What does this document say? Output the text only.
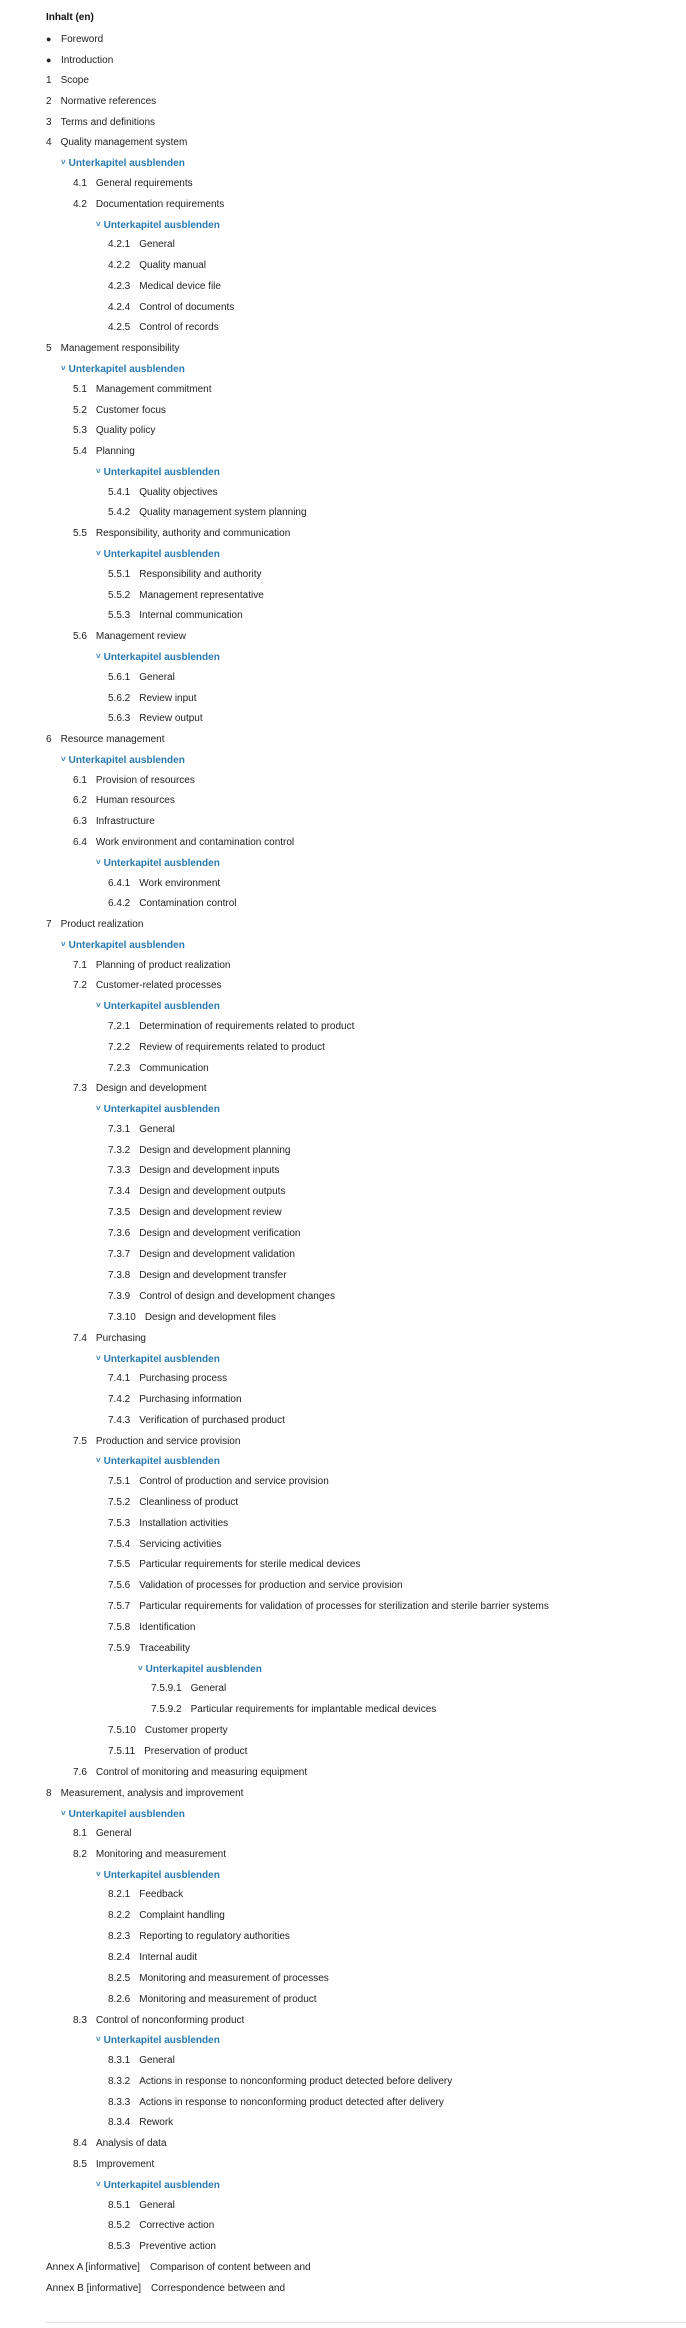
Inhalt (en)
● Foreword
● Introduction
1 Scope
2 Normative references
3 Terms and definitions
4 Quality management system
˅ Unterkapitel ausblenden
4.1 General requirements
4.2 Documentation requirements
˅ Unterkapitel ausblenden
4.2.1 General
4.2.2 Quality manual
4.2.3 Medical device file
4.2.4 Control of documents
4.2.5 Control of records
5 Management responsibility
˅ Unterkapitel ausblenden
5.1 Management commitment
5.2 Customer focus
5.3 Quality policy
5.4 Planning
˅ Unterkapitel ausblenden
5.4.1 Quality objectives
5.4.2 Quality management system planning
5.5 Responsibility, authority and communication
˅ Unterkapitel ausblenden
5.5.1 Responsibility and authority
5.5.2 Management representative
5.5.3 Internal communication
5.6 Management review
˅ Unterkapitel ausblenden
5.6.1 General
5.6.2 Review input
5.6.3 Review output
6 Resource management
˅ Unterkapitel ausblenden
6.1 Provision of resources
6.2 Human resources
6.3 Infrastructure
6.4 Work environment and contamination control
˅ Unterkapitel ausblenden
6.4.1 Work environment
6.4.2 Contamination control
7 Product realization
˅ Unterkapitel ausblenden
7.1 Planning of product realization
7.2 Customer-related processes
˅ Unterkapitel ausblenden
7.2.1 Determination of requirements related to product
7.2.2 Review of requirements related to product
7.2.3 Communication
7.3 Design and development
˅ Unterkapitel ausblenden
7.3.1 General
7.3.2 Design and development planning
7.3.3 Design and development inputs
7.3.4 Design and development outputs
7.3.5 Design and development review
7.3.6 Design and development verification
7.3.7 Design and development validation
7.3.8 Design and development transfer
7.3.9 Control of design and development changes
7.3.10 Design and development files
7.4 Purchasing
˅ Unterkapitel ausblenden
7.4.1 Purchasing process
7.4.2 Purchasing information
7.4.3 Verification of purchased product
7.5 Production and service provision
˅ Unterkapitel ausblenden
7.5.1 Control of production and service provision
7.5.2 Cleanliness of product
7.5.3 Installation activities
7.5.4 Servicing activities
7.5.5 Particular requirements for sterile medical devices
7.5.6 Validation of processes for production and service provision
7.5.7 Particular requirements for validation of processes for sterilization and sterile barrier systems
7.5.8 Identification
7.5.9 Traceability
˅ Unterkapitel ausblenden
7.5.9.1 General
7.5.9.2 Particular requirements for implantable medical devices
7.5.10 Customer property
7.5.11 Preservation of product
7.6 Control of monitoring and measuring equipment
8 Measurement, analysis and improvement
˅ Unterkapitel ausblenden
8.1 General
8.2 Monitoring and measurement
˅ Unterkapitel ausblenden
8.2.1 Feedback
8.2.2 Complaint handling
8.2.3 Reporting to regulatory authorities
8.2.4 Internal audit
8.2.5 Monitoring and measurement of processes
8.2.6 Monitoring and measurement of product
8.3 Control of nonconforming product
˅ Unterkapitel ausblenden
8.3.1 General
8.3.2 Actions in response to nonconforming product detected before delivery
8.3.3 Actions in response to nonconforming product detected after delivery
8.3.4 Rework
8.4 Analysis of data
8.5 Improvement
˅ Unterkapitel ausblenden
8.5.1 General
8.5.2 Corrective action
8.5.3 Preventive action
Annex A [informative] Comparison of content between and
Annex B [informative] Correspondence between and
